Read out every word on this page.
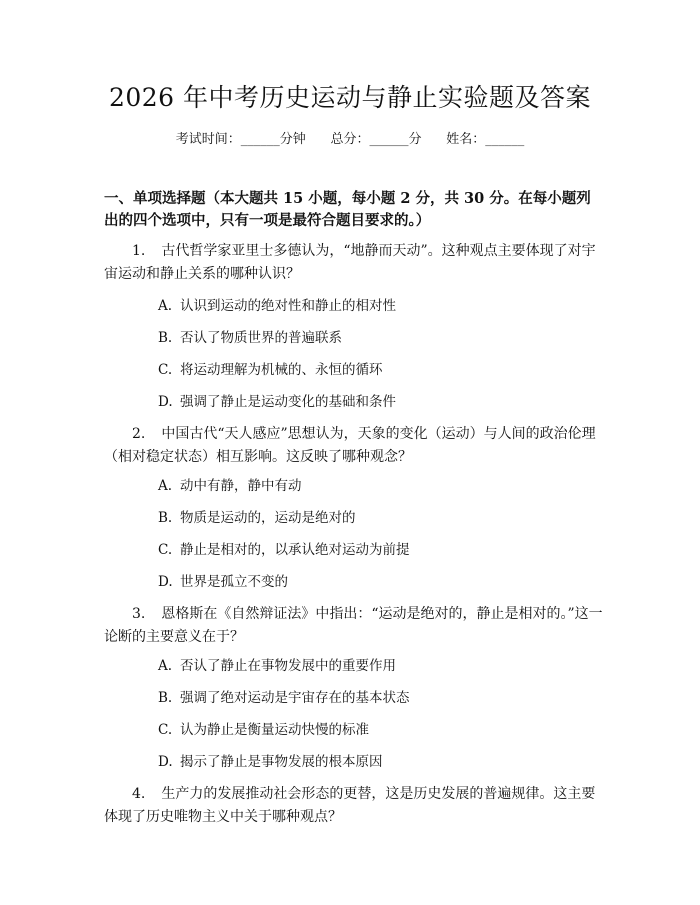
2026 年中考历史运动与静止实验题及答案
考试时间：______分钟      总分：______分      姓名：______
一、单项选择题（本大题共 15 小题，每小题 2 分，共 30 分。在每小题列出的四个选项中，只有一项是最符合题目要求的。）
1. 古代哲学家亚里士多德认为，“地静而天动”。这种观点主要体现了对宇宙运动和静止关系的哪种认识？
A. 认识到运动的绝对性和静止的相对性
B. 否认了物质世界的普遍联系
C. 将运动理解为机械的、永恒的循环
D. 强调了静止是运动变化的基础和条件
2. 中国古代“天人感应”思想认为，天象的变化（运动）与人间的政治伦理（相对稳定状态）相互影响。这反映了哪种观念？
A. 动中有静，静中有动
B. 物质是运动的，运动是绝对的
C. 静止是相对的，以承认绝对运动为前提
D. 世界是孤立不变的
3. 恩格斯在《自然辩证法》中指出：“运动是绝对的，静止是相对的。”这一论断的主要意义在于？
A. 否认了静止在事物发展中的重要作用
B. 强调了绝对运动是宇宙存在的基本状态
C. 认为静止是衡量运动快慢的标准
D. 揭示了静止是事物发展的根本原因
4. 生产力的发展推动社会形态的更替，这是历史发展的普遍规律。这主要体现了历史唯物主义中关于哪种观点？
